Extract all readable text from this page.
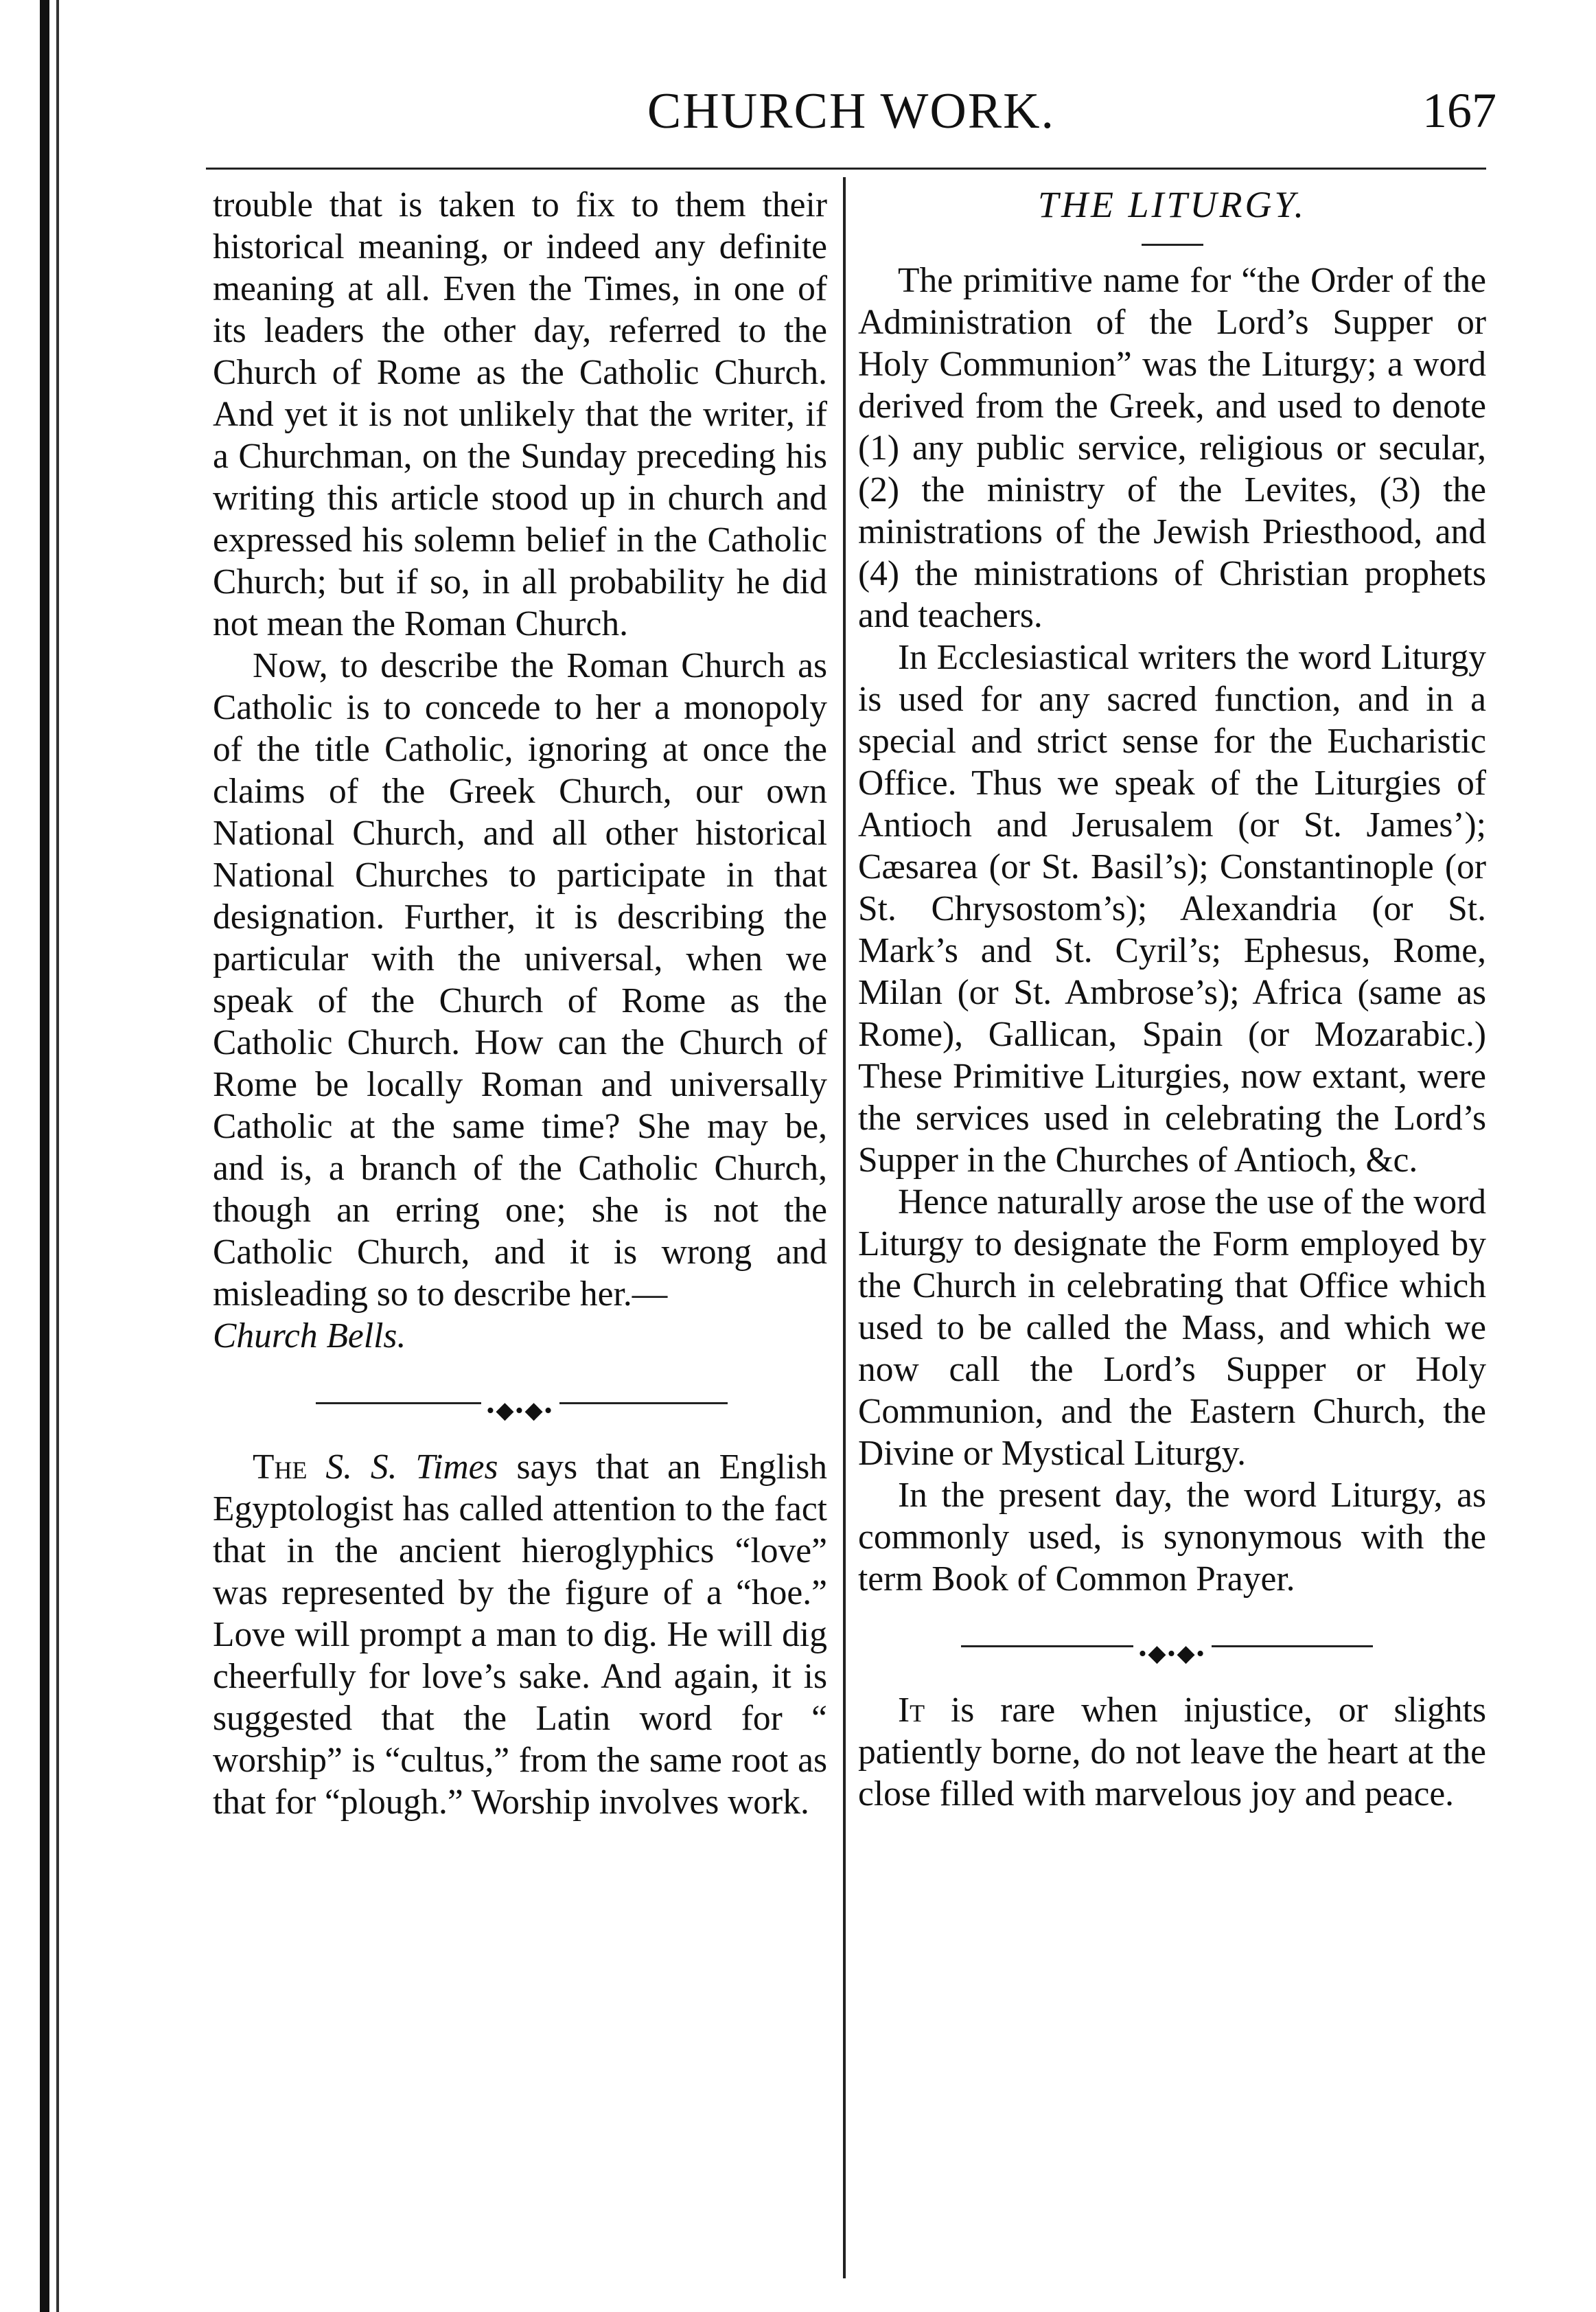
CHURCH WORK.	167

trouble that is taken to fix to them their historical meaning, or indeed any definite meaning at all. Even the Times, in one of its leaders the other day, referred to the Church of Rome as the Catholic Church. And yet it is not unlikely that the writer, if a Churchman, on the Sunday preceding his writing this article stood up in church and expressed his solemn belief in the Catholic Church; but if so, in all probability he did not mean the Roman Church.

Now, to describe the Roman Church as Catholic is to concede to her a monopoly of the title Catholic, ignoring at once the claims of the Greek Church, our own National Church, and all other historical National Churches to participate in that designation. Further, it is describing the particular with the universal, when we speak of the Church of Rome as the Catholic Church. How can the Church of Rome be locally Roman and universally Catholic at the same time? She may be, and is, a branch of the Catholic Church, though an erring one; she is not the Catholic Church, and it is wrong and misleading so to describe her.—

Church Bells.

•◆•◆•

The S. S. Times says that an English Egyptologist has called attention to the fact that in the ancient hieroglyphics “love” was represented by the figure of a “hoe.” Love will prompt a man to dig. He will dig cheerfully for love’s sake. And again, it is suggested that the Latin word for “ worship” is “cultus,” from the same root as that for “plough.” Worship involves work.

THE LITURGY.

The primitive name for “the Order of the Administration of the Lord’s Supper or Holy Communion” was the Liturgy; a word derived from the Greek, and used to denote (1) any public service, religious or secular, (2) the ministry of the Levites, (3) the ministrations of the Jewish Priesthood, and (4) the ministrations of Christian prophets and teachers.

In Ecclesiastical writers the word Liturgy is used for any sacred function, and in a special and strict sense for the Eucharistic Office. Thus we speak of the Liturgies of Antioch and Jerusalem (or St. James’); Cæsarea (or St. Basil’s); Constantinople (or St. Chrysostom’s); Alexandria (or St. Mark’s and St. Cyril’s; Ephesus, Rome, Milan (or St. Ambrose’s); Africa (same as Rome), Gallican, Spain (or Mozarabic.) These Primitive Liturgies, now extant, were the services used in celebrating the Lord’s Supper in the Churches of Antioch, &c.

Hence naturally arose the use of the word Liturgy to designate the Form employed by the Church in celebrating that Office which used to be called the Mass, and which we now call the Lord’s Supper or Holy Communion, and the Eastern Church, the Divine or Mystical Liturgy.

In the present day, the word Liturgy, as commonly used, is synonymous with the term Book of Common Prayer.

•◆•◆•

It is rare when injustice, or slights patiently borne, do not leave the heart at the close filled with marvelous joy and peace.
